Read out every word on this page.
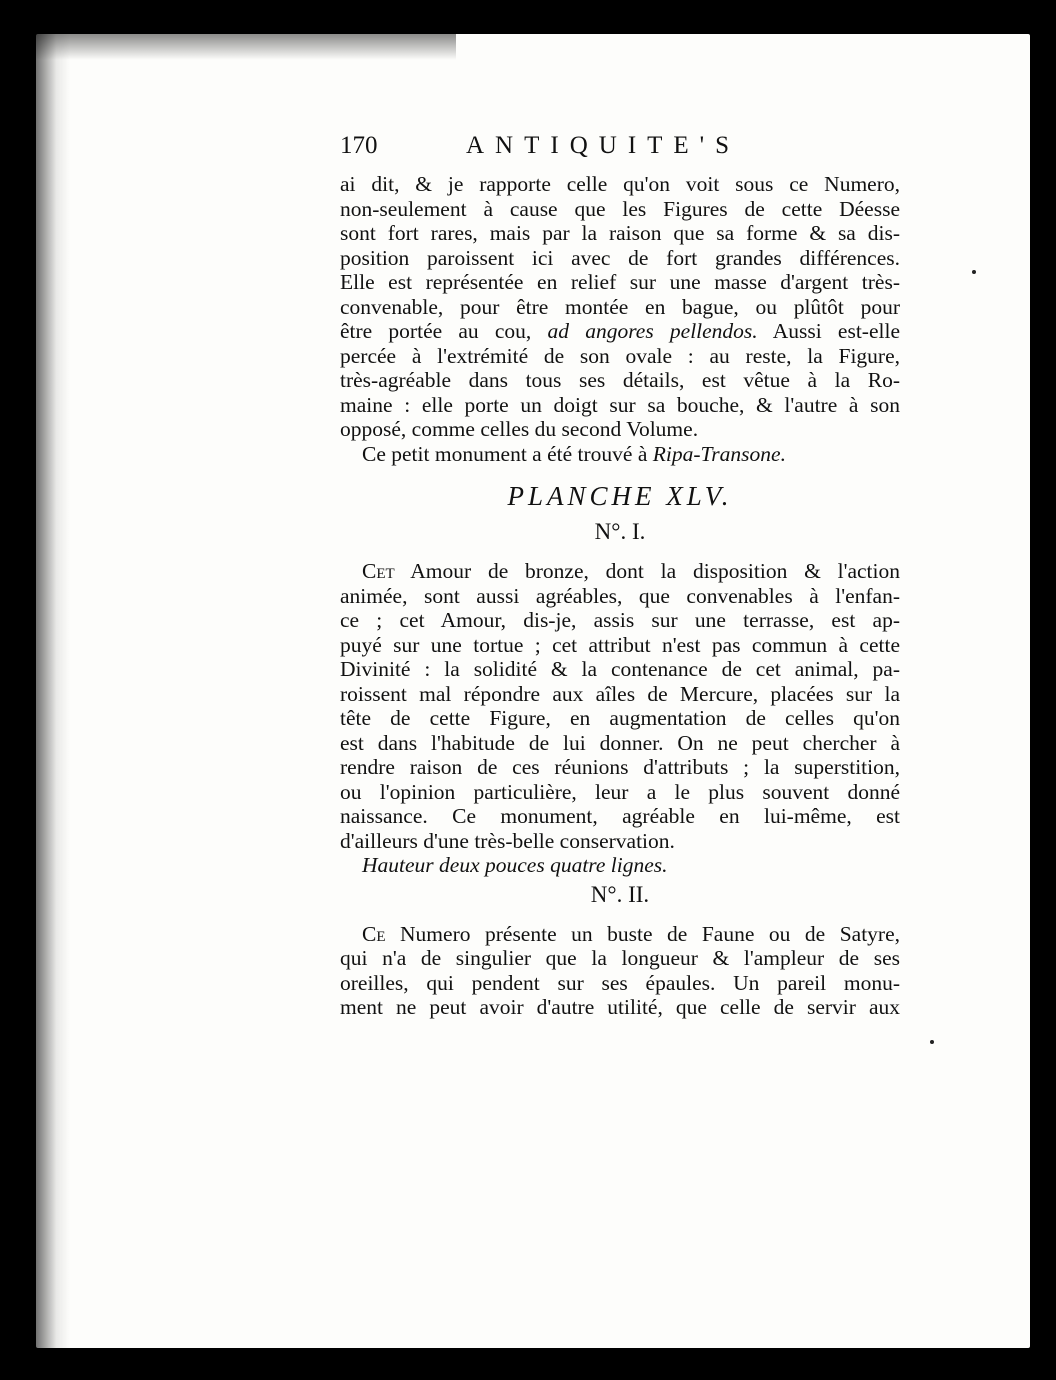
170	ANTIQUITE'S
ai dit, & je rapporte celle qu'on voit sous ce Numero,
non-seulement à cause que les Figures de cette Déesse
sont fort rares, mais par la raison que sa forme & sa dis-
position paroissent ici avec de fort grandes différences.
Elle est représentée en relief sur une masse d'argent très-
convenable, pour être montée en bague, ou plûtôt pour
être portée au cou, ad angores pellendos. Aussi est-elle
percée à l'extrémité de son ovale : au reste, la Figure,
très-agréable dans tous ses détails, est vêtue à la Ro-
maine : elle porte un doigt sur sa bouche, & l'autre à son
opposé, comme celles du second Volume.
Ce petit monument a été trouvé à Ripa-Transone.
PLANCHE XLV.
N°. I.
Cet Amour de bronze, dont la disposition & l'action
animée, sont aussi agréables, que convenables à l'enfan-
ce ; cet Amour, dis-je, assis sur une terrasse, est ap-
puyé sur une tortue ; cet attribut n'est pas commun à cette
Divinité : la solidité & la contenance de cet animal, pa-
roissent mal répondre aux aîles de Mercure, placées sur la
tête de cette Figure, en augmentation de celles qu'on
est dans l'habitude de lui donner. On ne peut chercher à
rendre raison de ces réunions d'attributs ; la superstition,
ou l'opinion particulière, leur a le plus souvent donné
naissance. Ce monument, agréable en lui-même, est
d'ailleurs d'une très-belle conservation.
Hauteur deux pouces quatre lignes.
N°. II.
Ce Numero présente un buste de Faune ou de Satyre,
qui n'a de singulier que la longueur & l'ampleur de ses
oreilles, qui pendent sur ses épaules. Un pareil monu-
ment ne peut avoir d'autre utilité, que celle de servir aux
